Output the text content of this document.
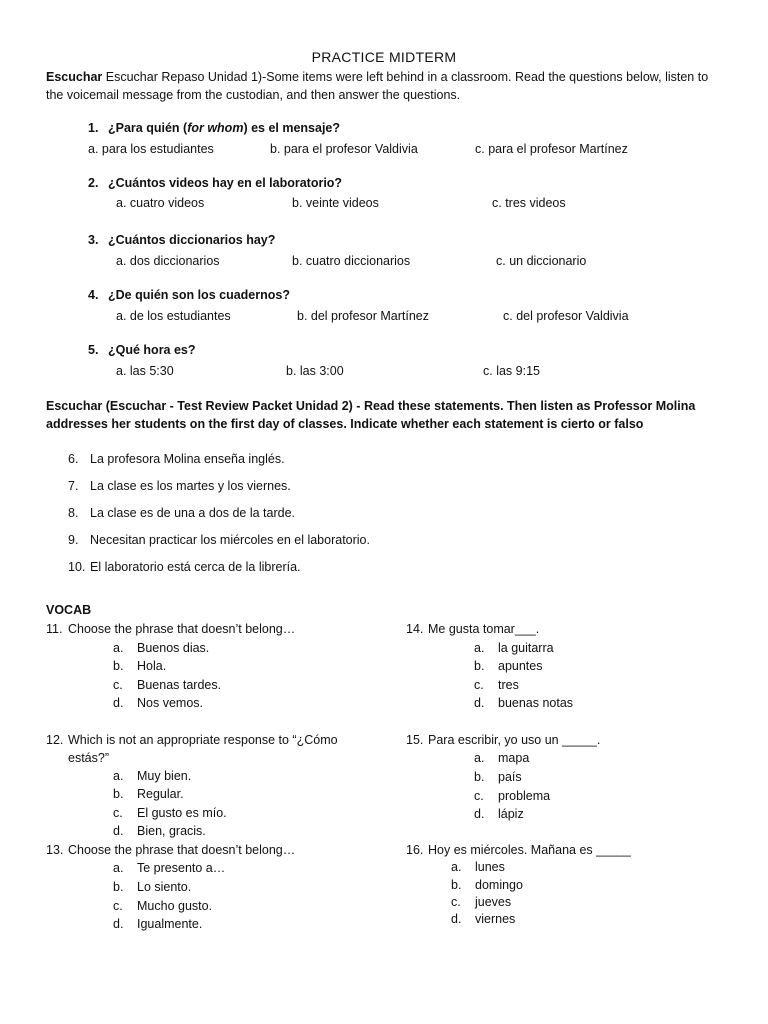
PRACTICE MIDTERM
Escuchar Escuchar Repaso Unidad 1)-Some items were left behind in a classroom. Read the questions below, listen to the voicemail message from the custodian, and then answer the questions.
1. ¿Para quién (for whom) es el mensaje?
a. para los estudiantes	b. para el profesor Valdivia	c. para el profesor Martínez
2. ¿Cuántos videos hay en el laboratorio?
a. cuatro videos	b. veinte videos	c. tres videos
3. ¿Cuántos diccionarios hay?
a. dos diccionarios	b. cuatro diccionarios	c. un diccionario
4. ¿De quién son los cuadernos?
a. de los estudiantes	b. del profesor Martínez	c. del profesor Valdivia
5. ¿Qué hora es?
a. las 5:30	b. las 3:00	c. las 9:15
Escuchar (Escuchar - Test Review Packet Unidad 2) - Read these statements. Then listen as Professor Molina addresses her students on the first day of classes. Indicate whether each statement is cierto or falso
6. La profesora Molina enseña inglés.
7. La clase es los martes y los viernes.
8. La clase es de una a dos de la tarde.
9. Necesitan practicar los miércoles en el laboratorio.
10. El laboratorio está cerca de la librería.
VOCAB
11. Choose the phrase that doesn’t belong…
a. Buenos dias.
b. Hola.
c. Buenas tardes.
d. Nos vemos.
12. Which is not an appropriate response to “¿Cómo
estás?”
a. Muy bien.
b. Regular.
c. El gusto es mío.
d. Bien, gracis.
13. Choose the phrase that doesn’t belong…
a. Te presento a…
b. Lo siento.
c. Mucho gusto.
d. Igualmente.
14. Me gusta tomar___.
a. la guitarra
b. apuntes
c. tres
d. buenas notas
15. Para escribir, yo uso un _____.
a. mapa
b. país
c. problema
d. lápiz
16. Hoy es miércoles. Mañana es _____
a. lunes
b. domingo
c. jueves
d. viernes
